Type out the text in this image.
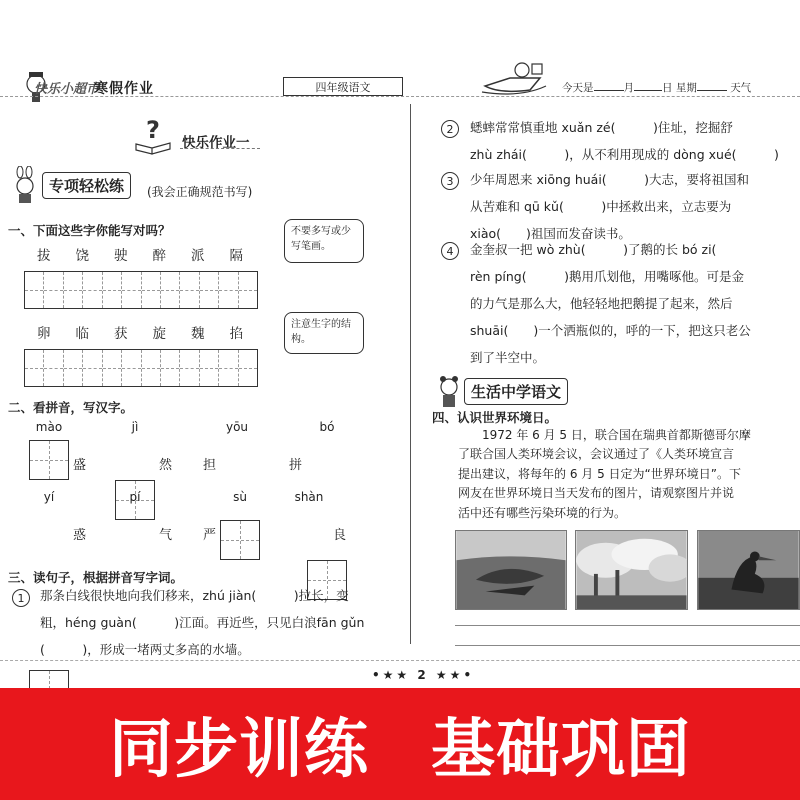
快乐小超市
寒假作业	四年级语文	今天是	月	日 星期	天气
? 快乐作业一
专项轻松练	(我会正确规范书写)
一、下面这些字你能写对吗？
拔 饶 驶 醉 派 隔
卵 临 获 旋 魏 掐
不要多写或少写笔画。
注意生字的结构。
二、看拼音，写汉字。
mào
盛
jì
然
yōu
担
bó
拼
yí
惑
pí
气
sù
严
shàn
良
三、读句子，根据拼音写字词。
1	那条白线很快地向我们移来，zhú jiàn(　　　)拉长，变
粗，héng guàn(　　　)江面。再近些，只见白浪fān gǔn
(　　　)，形成一堵两丈多高的水墙。
2	蟋蟀常常慎重地 xuǎn zé(　　　)住址，挖掘舒
zhù zhái(　　　)，从不利用现成的 dòng xué(　　　)
3	少年周恩来 xiōng huái(　　　)大志，要将祖国和
从苦难和 qū kǔ(　　　)中拯救出来，立志要为
xiào(　　)祖国而发奋读书。
4	金奎叔一把 wò zhù(　　　)了鹅的长 bó zi(
rèn píng(　　　)鹅用爪划他，用嘴啄他。可是金
的力气是那么大，他轻轻地把鹅提了起来，然后
shuāi(　　)一个洒瓶似的，呼的一下，把这只老公
到了半空中。
生活中学语文
四、认识世界环境日。
　　1972 年 6 月 5 日，联合国在瑞典首都斯德哥尔摩
了联合国人类环境会议，会议通过了《人类环境宣言
提出建议，将每年的 6 月 5 日定为“世界环境日”。下
网友在世界环境日当天发布的图片，请观察图片并说
活中还有哪些污染环境的行为。
•★★ 2 ★★•
同步训练 基础巩固
